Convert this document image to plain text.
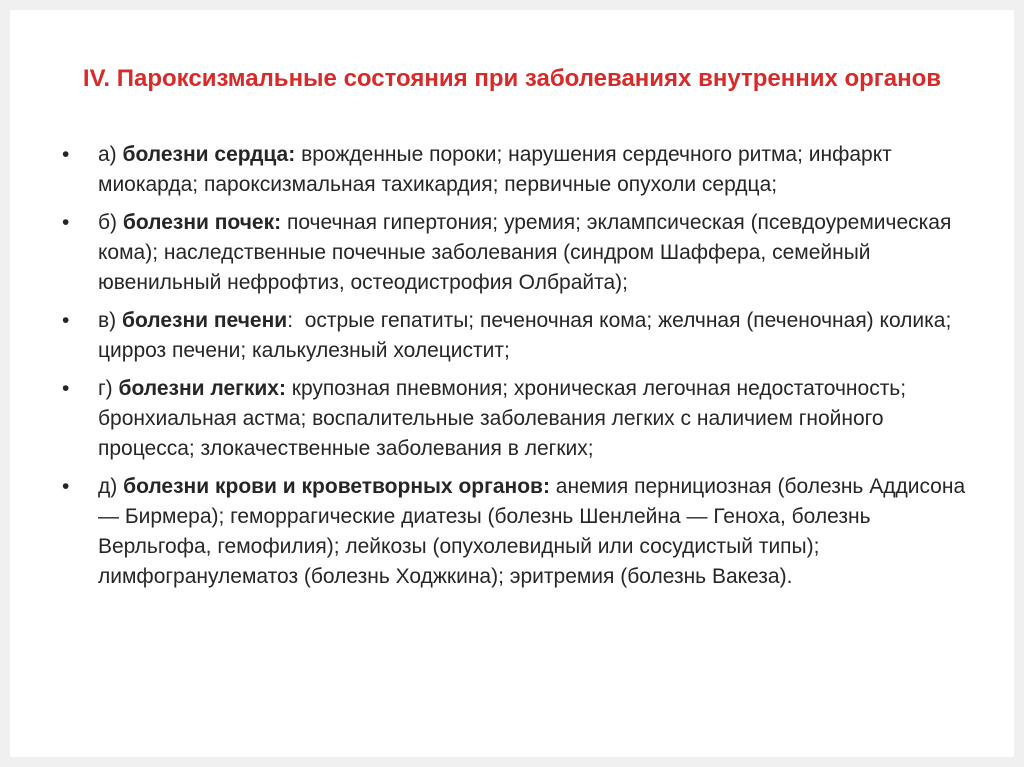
IV. Пароксизмальные состояния при заболеваниях внутренних органов
• а) болезни сердца: врожденные пороки; нарушения сердечного ритма; инфаркт миокарда; пароксизмальная тахикардия; первичные опухоли сердца;
• б) болезни почек: почечная гипертония; уремия; эклампсическая (псевдоуремическая кома); наследственные почечные заболевания (синдром Шаффера, семейный ювенильный нефрофтиз, остеодистрофия Олбрайта);
• в) болезни печени:  острые гепатиты; печеночная кома; желчная (печеночная) колика; цирроз печени; калькулезный холецистит;
• г) болезни легких: крупозная пневмония; хроническая легочная недостаточность; бронхиальная астма; воспалительные заболевания легких с наличием гнойного процесса; злокачественные заболевания в легких;
• д) болезни крови и кроветворных органов: анемия пернициозная (болезнь Аддисона — Бирмера); геморрагические диатезы (болезнь Шенлейна — Геноха, болезнь Верльгофа, гемофилия); лейкозы (опухолевидный или сосудистый типы); лимфогранулематоз (болезнь Ходжкина); эритремия (болезнь Вакеза).
